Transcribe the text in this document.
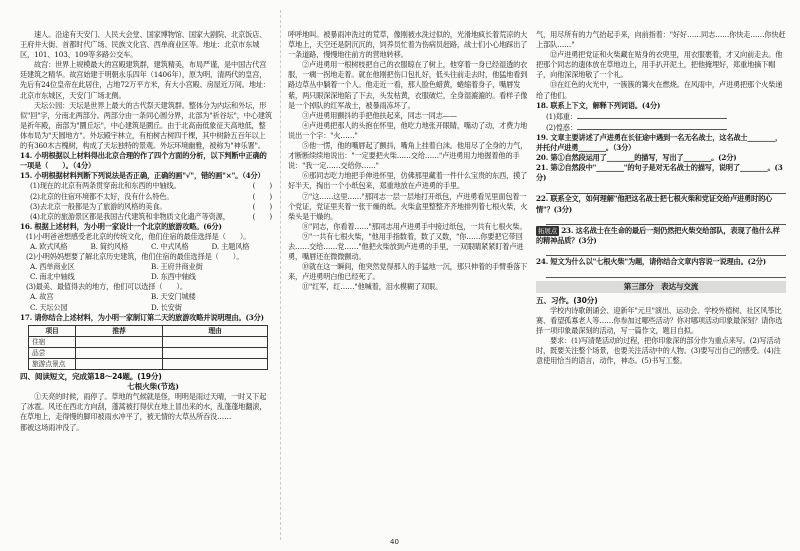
速人。沿途有天安门、人民大会堂、国家博物馆、国家大剧院、北京饭店、王府井大街、首都时代广场、民族文化宫、西单商业区等。地址：北京市东城区，101、103、109等多路公交车。

故宫：世界上规模最大的宫殿建筑群，建筑精美，布局严谨，是中国古代宫廷建筑之精华。故宫始建于明朝永乐四年（1406年），原为明、清两代的皇宫，先后有24位皇帝在此居住，占地72万平方米，有大小宫殿、房屋近万间。地址：北京市东城区，天安门广场北侧。

天坛公园：天坛是世界上最大的古代祭天建筑群。整体分为内坛和外坛，形似"回"字，分南北两部分。两部分由一条同心圆分界，北部为"祈谷坛"，中心建筑是祈年殿，南部为"圜丘坛"，中心建筑是圜丘。由于北高南低象征天高地低，整体布局为"天圆地方"。外坛殿宇林立，有柏树古树四千棵，其中树龄五百年以上的有360木古槐树，构成了天坛独特的景观。外坛环境幽雅，被称为"神乐署"。

14. 小明根据以上材料得出北京合理的作了四个方面的分析，以下判断中正确的一项是（　　）。（4分）

15. 小明根据材料判断下列说法是否正确，正确的画"√"，错的画"×"。（4分）

(1)现在的北京有两条贯穿南北和东西的中轴线。	(　　)
(2)北京的住宿环境都不太好，没有什么特色。	(　　)
(3)去北京一般都是为了旅游的风格的美食。	(　　)
(4)北京的旅游景区都是我国古代建筑和非物质文化遗产等资源，	(　　)

16. 根据上述材料，为小明一家设计一个北京的旅游攻略。(6分)

(1)小明爸爸想感受老北京的传统文化，他们住宿的最佳选择是（　　）。

A. 欧式风格	B. 简约风格	C. 中式风格	D. 主题风格

(2)小明妈妈想要了解北京历史建筑，他们住宿的最佳选择是（　　）。

A. 西单商业区	B. 王府井商业街
C. 南北中轴线	D. 东西中轴线

(3)最美、最值得去的地方，他们可以选择（　　）。

A. 故宫	B. 天安门城楼
C. 天坛公园	D. 长安街

17. 请你结合上述材料，为小明一家制订第二天的旅游攻略并说明理由。(3分)

项目	推荐	理由
住宿		
品尝		
旅游点景点		

四、阅读短文，完成第18～24题。(19分)

七根火柴(节选)

①天亮的时候，雨停了。草地的气候就是怪，明明是雨过天晴，一时又下起了冰雹。风还在西北方向刮，蓬蒿被打得伏在地上冒出来的水，乱蓬蓬地翻滚，在草地上，走得慢的脚印被雨水冲平了，被无情的大草丛所吞没……

都被这场雨冲没了。

呼呼地叫。被暴雨冲洗过的荒草，像刚被水洗过似的，光滑地疯长着荒凉的大草地上，天空还是阴沉沉的，饲养员忙着为伤病员赶路，战士们小心地踩出了一条道路，慢慢地往前方的营地转移。

②卢进勇用一根树枝把自己的衣服晾在了树上，他穿着一身已经湿透的衣服，一瘸一拐地走着。就在他刚把伤口包扎好，低头往前走去时，他猛地看到路边草丛中躺着一个人。他走近一看，那人脸色蜡黄，蜷缩着身子，嘴唇发紫，两只眼深深地陷了下去，头发枯黄，衣服破烂，全身湿漉漉的。看样子像是一个掉队的红军战士，被暴雨冻坏了。

③卢进勇用颤抖的手把他扶起来，同志一同志——

④卢进勇把那人的头抱在怀里，他吃力地张开眼睛，嘴动了动，才费力地说出一个字："火……"

⑤他一愣，他的嘴唇起了颤抖，嘴角上挂着白沫。他用尽了全身的力气，才断断续续地说出："一定要把火柴……交给……"卢进勇用力地握着他的手说："我一定……交给你……"

⑥那同志吃力地把手伸进怀里，仿佛那里藏着一件什么宝贵的东西，摸了好半天，掏出一个小纸包来，郑重地放在卢进勇的手里。

⑦"这……这里……"那同志一层一层地打开纸包，卢进勇看见里面包着一个党证，党证里夹着一张干燥的纸。火柴盒里整整齐齐地排列着七根火柴，火柴头是干燥的。

⑧"同志，你看着……"那同志用卢进勇手中接过纸包，一共有七根火柴。

⑨"一共有七根火柴，"他用手指数着，数了又数，"你……你要把它带回去……交给……党……"他把火柴放到卢进勇的手里，一双眼睛紧紧盯着卢进勇，嘴唇还在微微颤动。

⑩就在这一瞬间，他突然觉得那人的手猛地一沉，那只伸着的手臂垂落下来，卢进勇明白他已经死了。

⑪"红军，红……"他喊着，泪水模糊了双眼。

气，用尽所有的力气抬起手来，向前指着："好好……同志……你快走……你快赶上部队……"

⑫卢进勇把党证和火柴藏在贴身的衣兜里，用衣服裹着，才又向前走去。他把那个同志的遗体放在草地边上，用手扒开泥土，把他掩埋好，郑重地摘下帽子，向他深深地敬了一个礼。

⑬在红色的火光中，一簇簇的篝火在燃烧。在风雨中，卢进勇把那个火柴递给了他们。

18. 联系上下文，解释下列词语。(4分)

(1)郑重：

(2)惶惑：

19. 文章主要讲述了卢进勇在长征途中遇到一名无名战士，这名战士________，并托付卢进勇________。（3分）

20. 第①自然段运用了________的描写，写出了________。(2分)

21. 第②自然段中"________"的句子是对无名战士的描写，说明了________。(3分)

22. 联系全文，如何理解"他把这名战士把七根火柴和党证交给卢进勇时的心情"？(3分)

拓展点 23. 这名战士在生命的最后一刻仍然把火柴交给部队，表现了他什么样的精神品质？(3分)

24. 短文为什么以"七根火柴"为题，请你结合文章内容说一说理由。(2分)

第三部分　表达与交流

五、习作。(30分)

学校内诗歌朗诵会、迎新年"元旦"演出、运动会、学校外植树、社区风筝比赛、看望孤寡老人等……你参加过哪些活动？你对哪项活动印象最深刻？请你选择一项印象最深刻的活动，写一篇作文，题目自拟。

要求：(1)写清楚活动的过程，把你印象深的部分作为重点来写。(2)写活动时，既要关注整个场景，也要关注活动中的人物。(3)要写出自己的感受。(4)注意使用恰当的语言，动作，神态。(5)书写工整。

40
